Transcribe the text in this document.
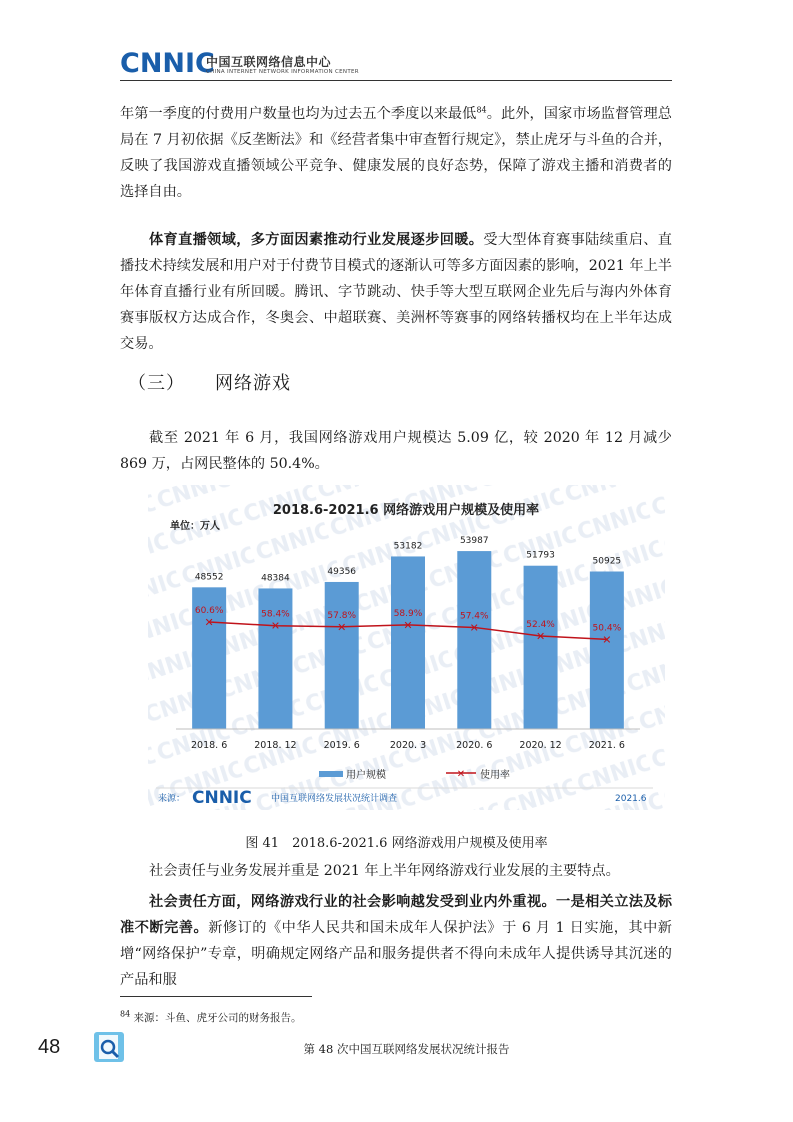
CNNIC
中国互联网络信息中心
CHINA INTERNET NETWORK INFORMATION CENTER

年第一季度的付费用户数量也均为过去五个季度以来最低$^{84}$。此外，国家市场监督管理总局在 7 月初依据《反垄断法》和《经营者集中审查暂行规定》，禁止虎牙与斗鱼的合并，反映了我国游戏直播领域公平竞争、健康发展的良好态势，保障了游戏主播和消费者的选择自由。

体育直播领域，多方面因素推动行业发展逐步回暖。受大型体育赛事陆续重启、直播技术持续发展和用户对于付费节目模式的逐渐认可等多方面因素的影响，2021 年上半年体育直播行业有所回暖。腾讯、字节跳动、快手等大型互联网企业先后与海内外体育赛事版权方达成合作，冬奥会、中超联赛、美洲杯等赛事的网络转播权均在上半年达成交易。

（三） 网络游戏

截至 2021 年 6 月，我国网络游戏用户规模达 5.09 亿，较 2020 年 12 月减少 869 万，占网民整体的 50.4%。

2018.6-2021.6 网络游戏用户规模及使用率
单位：万人
48552	48384
49356
53182
53987
51793
50925
✕
60.6%
✕
58.4%
✕
57.8%
✕
58.9%
✕
57.4%
✕
52.4%
✕
50.4%
2018. 6	2018. 12	2019. 6	2020. 3	2020. 6	2020. 12	2021. 6
用户规模	✕ 使用率
来源： CNNIC 中国互联网络发展状况统计调查	2021.6
图 41　2018.6-2021.6 网络游戏用户规模及使用率

社会责任与业务发展并重是 2021 年上半年网络游戏行业发展的主要特点。

社会责任方面，网络游戏行业的社会影响越发受到业内外重视。一是相关立法及标准不断完善。新修订的《中华人民共和国未成年人保护法》于 6 月 1 日实施，其中新增“网络保护”专章，明确规定网络产品和服务提供者不得向未成年人提供诱导其沉迷的产品和服

$^{84}$ 来源：斗鱼、虎牙公司的财务报告。
48	第 48 次中国互联网络发展状况统计报告
